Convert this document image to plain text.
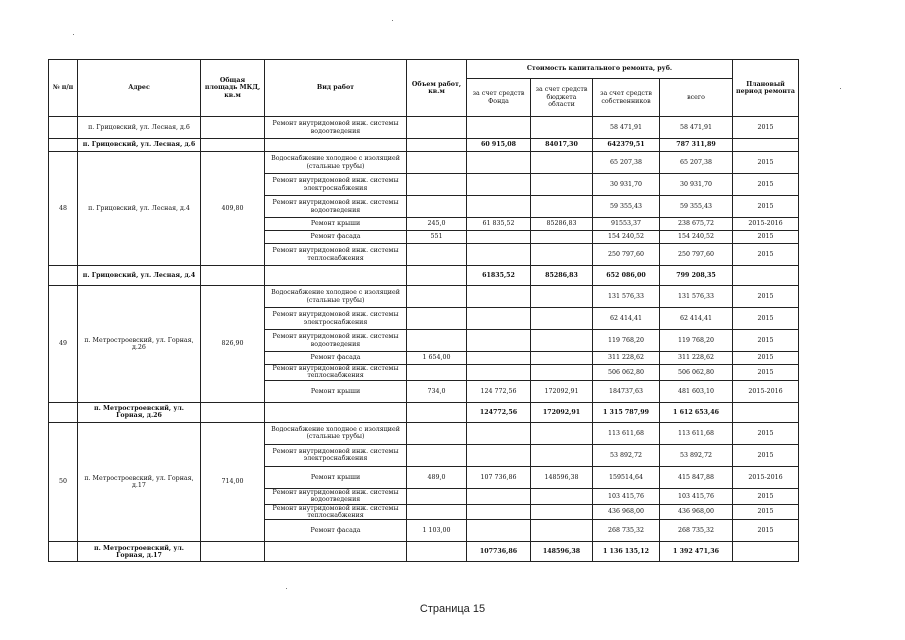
№ п/п	Адрес	Общая площадь МКД, кв.м	Вид работ	Объем работ, кв.м	Стоимость капитального ремонта, руб.				Плановый период ремонта
					за счет средств Фонда	за счет средств бюджета области	за счет средств собственников	всего	
	п. Грицовский, ул. Лесная, д.6		Ремонт внутридомовой инж. системы водоотведения				58 471,91	58 471,91	2015
	п. Грицовский, ул. Лесная, д.6				60 915,08	84017,30	642379,51	787 311,89	
48	п. Грицовский, ул. Лесная, д.4	409,80	Водоснабжение холодное с изоляцией (стальные трубы)				65 207,38	65 207,38	2015
			Ремонт внутридомовой инж. системы электроснабжения				30 931,70	30 931,70	2015
			Ремонт внутридомовой инж. системы водоотведения				59 355,43	59 355,43	2015
			Ремонт крыши	245,0	61 835,52	85286,83	91553,37	238 675,72	2015-2016
			Ремонт фасада	551			154 240,52	154 240,52	2015
			Ремонт внутридомовой инж. системы теплоснабжения				250 797,60	250 797,60	2015
	п. Грицовский, ул. Лесная, д.4				61835,52	85286,83	652 086,00	799 208,35	
49	п. Метростроевский, ул. Горная, д.26	826,90	Водоснабжение холодное с изоляцией (стальные трубы)				131 576,33	131 576,33	2015
			Ремонт внутридомовой инж. системы электроснабжения				62 414,41	62 414,41	2015
			Ремонт внутридомовой инж. системы водоотведения				119 768,20	119 768,20	2015
			Ремонт фасада	1 654,00			311 228,62	311 228,62	2015
			Ремонт внутридомовой инж. системы теплоснабжения				506 062,80	506 062,80	2015
			Ремонт крыши	734,0	124 772,56	172092,91	184737,63	481 603,10	2015-2016
	п. Метростроевский, ул. Горная, д.26				124772,56	172092,91	1 315 787,99	1 612 653,46	
50	п. Метростроевский, ул. Горная, д.17	714,00	Водоснабжение холодное с изоляцией (стальные трубы)				113 611,68	113 611,68	2015
			Ремонт внутридомовой инж. системы электроснабжения				53 892,72	53 892,72	2015
			Ремонт крыши	489,0	107 736,86	148596,38	159514,64	415 847,88	2015-2016
			Ремонт внутридомовой инж. системы водоотведения				103 415,76	103 415,76	2015
			Ремонт внутридомовой инж. системы теплоснабжения				436 968,00	436 968,00	2015
			Ремонт фасада	1 103,00			268 735,32	268 735,32	2015
	п. Метростроевский, ул. Горная, д.17				107736,86	148596,38	1 136 135,12	1 392 471,36	
Страница 15
